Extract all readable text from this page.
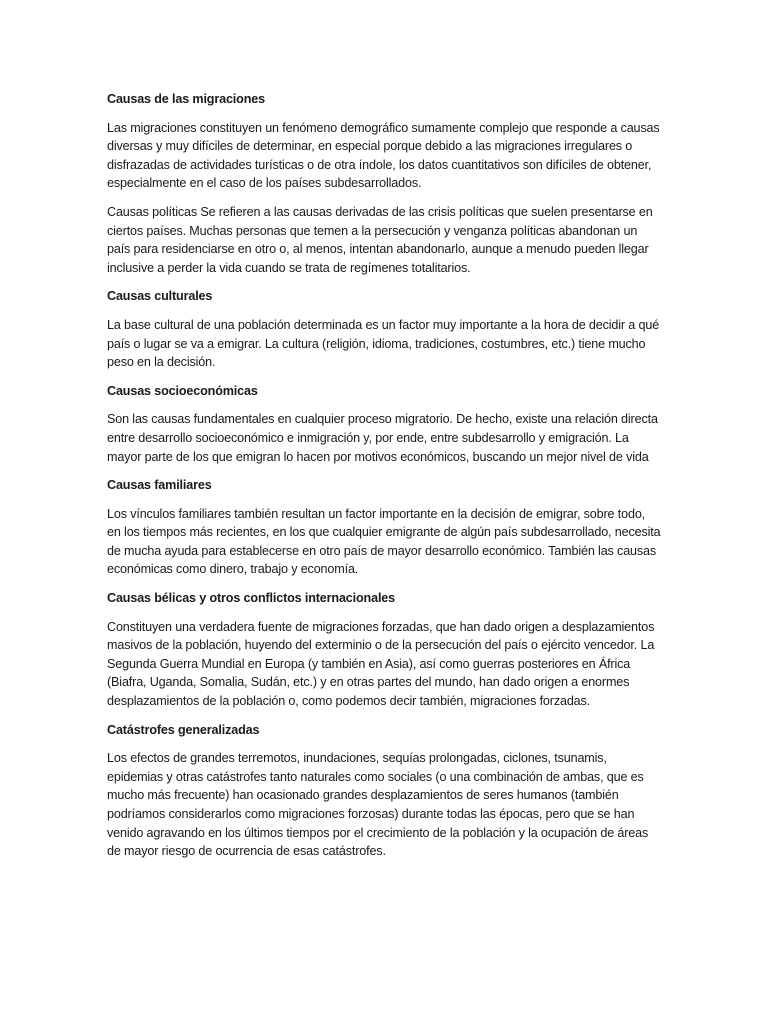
Causas de las migraciones

Las migraciones constituyen un fenómeno demográfico sumamente complejo que responde a causas diversas y muy difíciles de determinar, en especial porque debido a las migraciones irregulares o disfrazadas de actividades turísticas o de otra índole, los datos cuantitativos son difíciles de obtener, especialmente en el caso de los países subdesarrollados.

Causas políticas Se refieren a las causas derivadas de las crisis políticas que suelen presentarse en ciertos países. Muchas personas que temen a la persecución y venganza políticas abandonan un país para residenciarse en otro o, al menos, intentan abandonarlo, aunque a menudo pueden llegar inclusive a perder la vida cuando se trata de regímenes totalitarios.

Causas culturales

La base cultural de una población determinada es un factor muy importante a la hora de decidir a qué país o lugar se va a emigrar. La cultura (religión, idioma, tradiciones, costumbres, etc.) tiene mucho peso en la decisión.

Causas socioeconómicas

Son las causas fundamentales en cualquier proceso migratorio. De hecho, existe una relación directa entre desarrollo socioeconómico e inmigración y, por ende, entre subdesarrollo y emigración. La mayor parte de los que emigran lo hacen por motivos económicos, buscando un mejor nivel de vida

Causas familiares

Los vínculos familiares también resultan un factor importante en la decisión de emigrar, sobre todo, en los tiempos más recientes, en los que cualquier emigrante de algún país subdesarrollado, necesita de mucha ayuda para establecerse en otro país de mayor desarrollo económico. También las causas económicas como dinero, trabajo y economía.

Causas bélicas y otros conflictos internacionales

Constituyen una verdadera fuente de migraciones forzadas, que han dado origen a desplazamientos masivos de la población, huyendo del exterminio o de la persecución del país o ejército vencedor. La Segunda Guerra Mundial en Europa (y también en Asia), así como guerras posteriores en África (Biafra, Uganda, Somalia, Sudán, etc.) y en otras partes del mundo, han dado origen a enormes desplazamientos de la población o, como podemos decir también, migraciones forzadas.

Catástrofes generalizadas

Los efectos de grandes terremotos, inundaciones, sequías prolongadas, ciclones, tsunamis, epidemias y otras catástrofes tanto naturales como sociales (o una combinación de ambas, que es mucho más frecuente) han ocasionado grandes desplazamientos de seres humanos (también podríamos considerarlos como migraciones forzosas) durante todas las épocas, pero que se han venido agravando en los últimos tiempos por el crecimiento de la población y la ocupación de áreas de mayor riesgo de ocurrencia de esas catástrofes.
